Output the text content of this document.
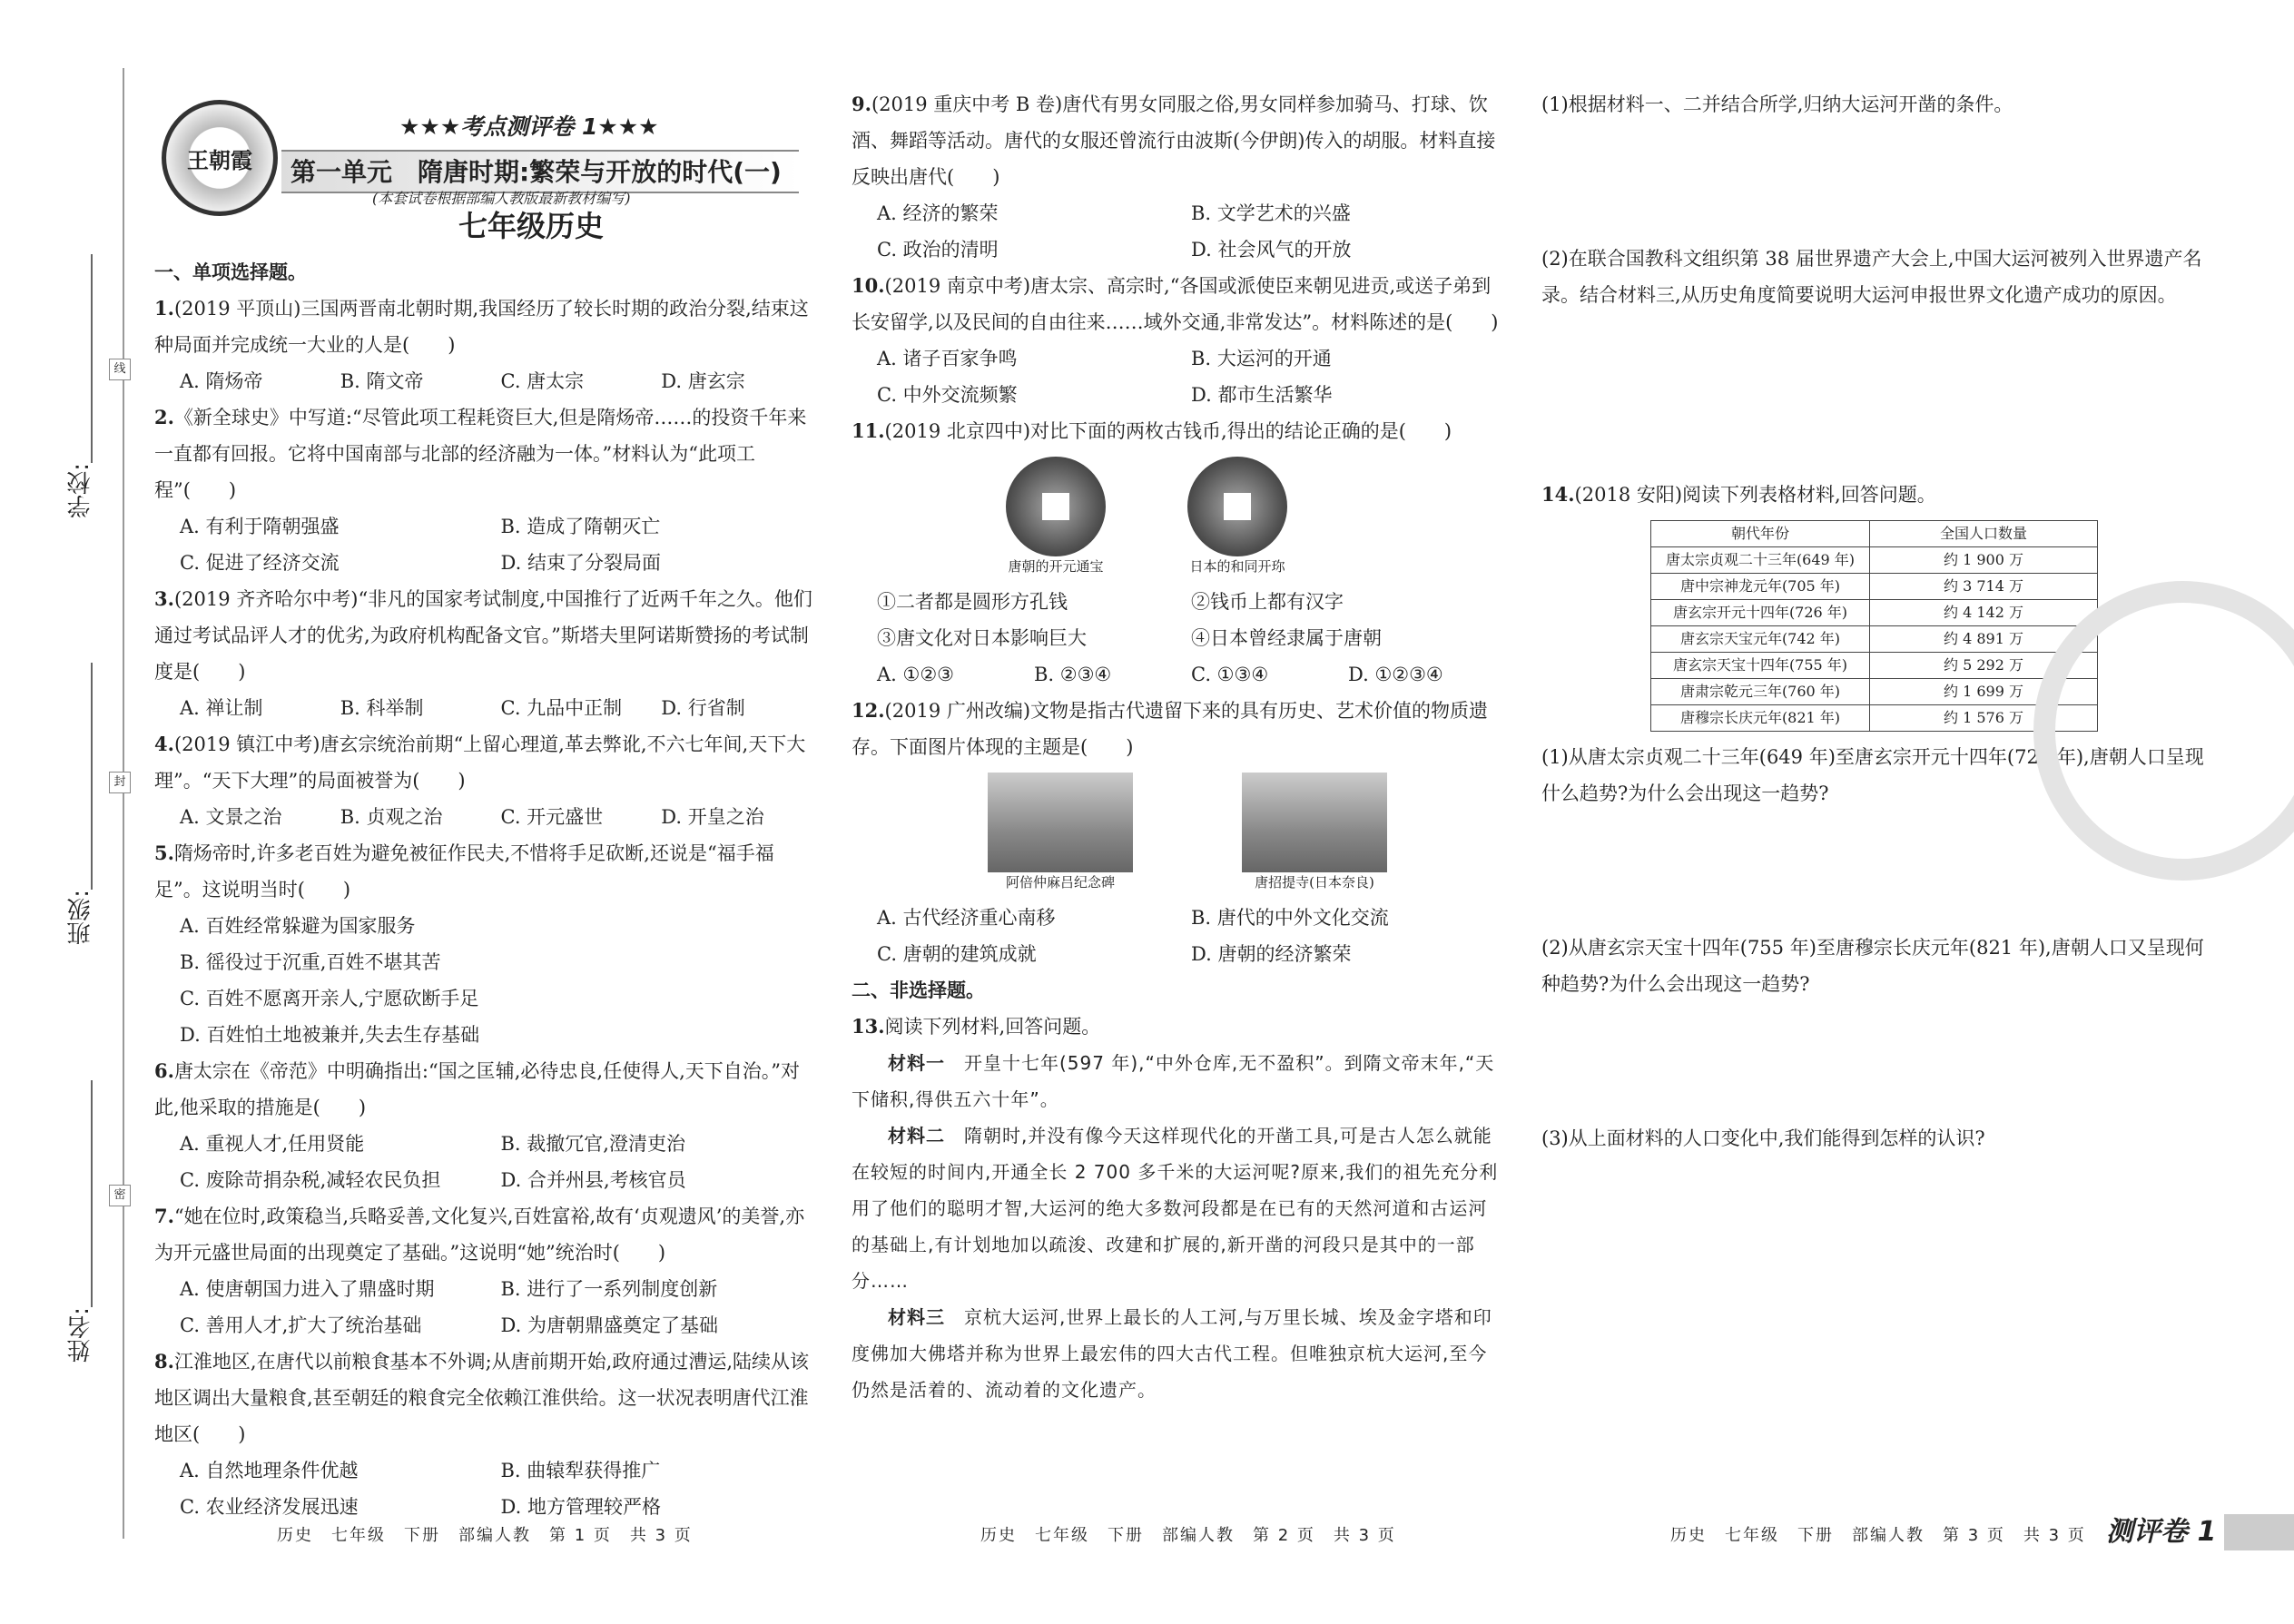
学校:
班级:
姓名:
线
封
密
王朝霞
★★★考点测评卷 1★★★
第一单元　隋唐时期:繁荣与开放的时代(一)
(本套试卷根据部编人教版最新教材编写)
七年级历史
一、单项选择题。
1.(2019 平顶山)三国两晋南北朝时期,我国经历了较长时期的政治分裂,结束这种局面并完成统一大业的人是(　　)
A. 隋炀帝	B. 隋文帝	C. 唐太宗	D. 唐玄宗
2.《新全球史》中写道:“尽管此项工程耗资巨大,但是隋炀帝……的投资千年来一直都有回报。它将中国南部与北部的经济融为一体。”材料认为“此项工程”(　　)
A. 有利于隋朝强盛	B. 造成了隋朝灭亡
C. 促进了经济交流	D. 结束了分裂局面
3.(2019 齐齐哈尔中考)“非凡的国家考试制度,中国推行了近两千年之久。他们通过考试品评人才的优劣,为政府机构配备文官。”斯塔夫里阿诺斯赞扬的考试制度是(　　)
A. 禅让制	B. 科举制	C. 九品中正制	D. 行省制
4.(2019 镇江中考)唐玄宗统治前期“上留心理道,革去弊讹,不六七年间,天下大理”。“天下大理”的局面被誉为(　　)
A. 文景之治	B. 贞观之治	C. 开元盛世	D. 开皇之治
5.隋炀帝时,许多老百姓为避免被征作民夫,不惜将手足砍断,还说是“福手福足”。这说明当时(　　)
A. 百姓经常躲避为国家服务
B. 徭役过于沉重,百姓不堪其苦
C. 百姓不愿离开亲人,宁愿砍断手足
D. 百姓怕土地被兼并,失去生存基础
6.唐太宗在《帝范》中明确指出:“国之匡辅,必待忠良,任使得人,天下自治。”对此,他采取的措施是(　　)
A. 重视人才,任用贤能	B. 裁撤冗官,澄清吏治
C. 废除苛捐杂税,减轻农民负担	D. 合并州县,考核官员
7.“她在位时,政策稳当,兵略妥善,文化复兴,百姓富裕,故有‘贞观遗风’的美誉,亦为开元盛世局面的出现奠定了基础。”这说明“她”统治时(　　)
A. 使唐朝国力进入了鼎盛时期	B. 进行了一系列制度创新
C. 善用人才,扩大了统治基础	D. 为唐朝鼎盛奠定了基础
8.江淮地区,在唐代以前粮食基本不外调;从唐前期开始,政府通过漕运,陆续从该地区调出大量粮食,甚至朝廷的粮食完全依赖江淮供给。这一状况表明唐代江淮地区(　　)
A. 自然地理条件优越	B. 曲辕犁获得推广
C. 农业经济发展迅速	D. 地方管理较严格
9.(2019 重庆中考 B 卷)唐代有男女同服之俗,男女同样参加骑马、打球、饮酒、舞蹈等活动。唐代的女服还曾流行由波斯(今伊朗)传入的胡服。材料直接反映出唐代(　　)
A. 经济的繁荣	B. 文学艺术的兴盛
C. 政治的清明	D. 社会风气的开放
10.(2019 南京中考)唐太宗、高宗时,“各国或派使臣来朝见进贡,或送子弟到长安留学,以及民间的自由往来……域外交通,非常发达”。材料陈述的是(　　)
A. 诸子百家争鸣	B. 大运河的开通
C. 中外交流频繁	D. 都市生活繁华
11.(2019 北京四中)对比下面的两枚古钱币,得出的结论正确的是(　　)
唐朝的开元通宝	日本的和同开珎
①二者都是圆形方孔钱	②钱币上都有汉字
③唐文化对日本影响巨大	④日本曾经隶属于唐朝
A. ①②③	B. ②③④	C. ①③④	D. ①②③④
12.(2019 广州改编)文物是指古代遗留下来的具有历史、艺术价值的物质遗存。下面图片体现的主题是(　　)
阿倍仲麻吕纪念碑	唐招提寺(日本奈良)
A. 古代经济重心南移	B. 唐代的中外文化交流
C. 唐朝的建筑成就	D. 唐朝的经济繁荣
二、非选择题。
13.阅读下列材料,回答问题。
材料一　 开皇十七年(597 年),“中外仓库,无不盈积”。到隋文帝末年,“天下储积,得供五六十年”。
材料二　 隋朝时,并没有像今天这样现代化的开凿工具,可是古人怎么就能在较短的时间内,开通全长 2 700 多千米的大运河呢?原来,我们的祖先充分利用了他们的聪明才智,大运河的绝大多数河段都是在已有的天然河道和古运河的基础上,有计划地加以疏浚、改建和扩展的,新开凿的河段只是其中的一部分……
材料三　 京杭大运河,世界上最长的人工河,与万里长城、埃及金字塔和印度佛加大佛塔并称为世界上最宏伟的四大古代工程。但唯独京杭大运河,至今仍然是活着的、流动着的文化遗产。
(1)根据材料一、二并结合所学,归纳大运河开凿的条件。
(2)在联合国教科文组织第 38 届世界遗产大会上,中国大运河被列入世界遗产名录。结合材料三,从历史角度简要说明大运河申报世界文化遗产成功的原因。
14.(2018 安阳)阅读下列表格材料,回答问题。
朝代年份	全国人口数量
唐太宗贞观二十三年(649 年)	约 1 900 万
唐中宗神龙元年(705 年)	约 3 714 万
唐玄宗开元十四年(726 年)	约 4 142 万
唐玄宗天宝元年(742 年)	约 4 891 万
唐玄宗天宝十四年(755 年)	约 5 292 万
唐肃宗乾元三年(760 年)	约 1 699 万
唐穆宗长庆元年(821 年)	约 1 576 万
(1)从唐太宗贞观二十三年(649 年)至唐玄宗开元十四年(726 年),唐朝人口呈现什么趋势?为什么会出现这一趋势?
(2)从唐玄宗天宝十四年(755 年)至唐穆宗长庆元年(821 年),唐朝人口又呈现何种趋势?为什么会出现这一趋势?
(3)从上面材料的人口变化中,我们能得到怎样的认识?
历史　七年级　下册　部编人教　第 1 页　共 3 页	历史　七年级　下册　部编人教　第 2 页　共 3 页	历史　七年级　下册　部编人教　第 3 页　共 3 页 测评卷 1
